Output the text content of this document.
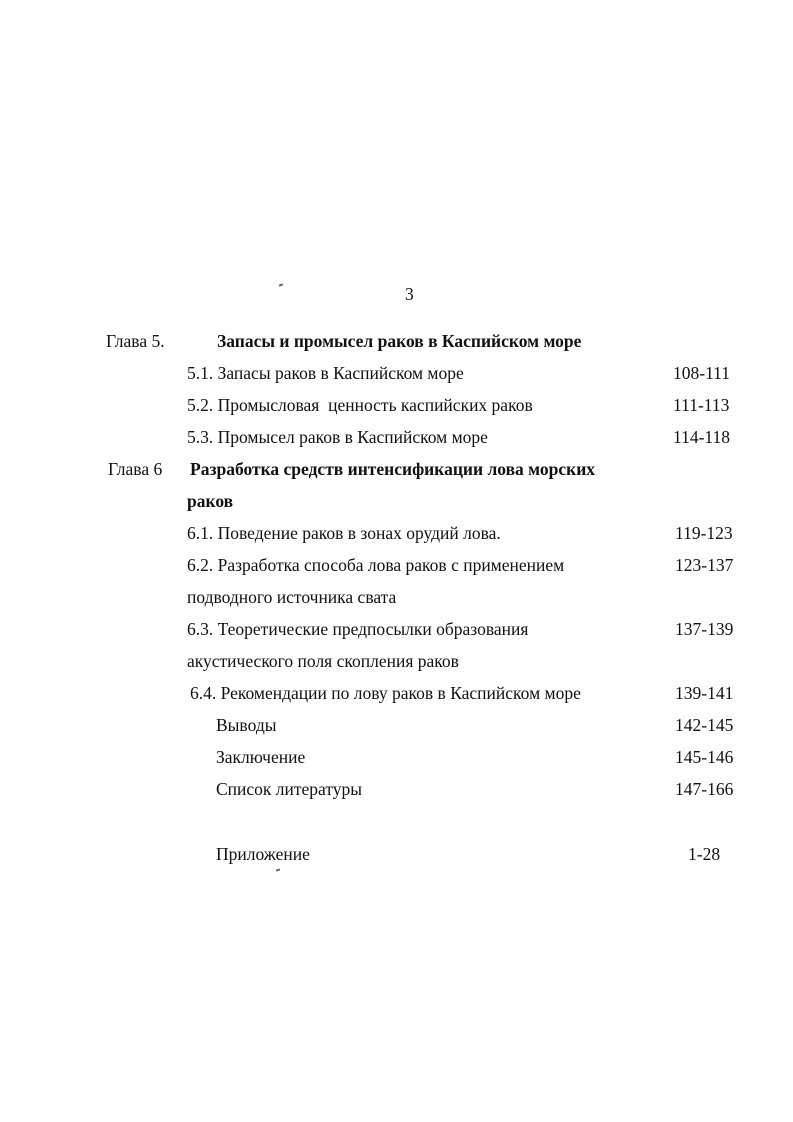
3
Глава 5.	Запасы и промысел раков в Каспийском море
5.1. Запасы раков в Каспийском море	108-111
5.2. Промысловая  ценность каспийских раков	111-113
5.3. Промысел раков в Каспийском море	114-118
Глава 6 Разработка средств интенсификации лова морских
раков
6.1. Поведение раков в зонах орудий лова.	119-123
6.2. Разработка способа лова раков с применением	123-137
подводного источника свата
6.3. Теоретические предпосылки образования	137-139
акустического поля скопления раков
6.4. Рекомендации по лову раков в Каспийском море	139-141
Выводы	142-145
Заключение	145-146
Список литературы	147-166
Приложение	1-28
